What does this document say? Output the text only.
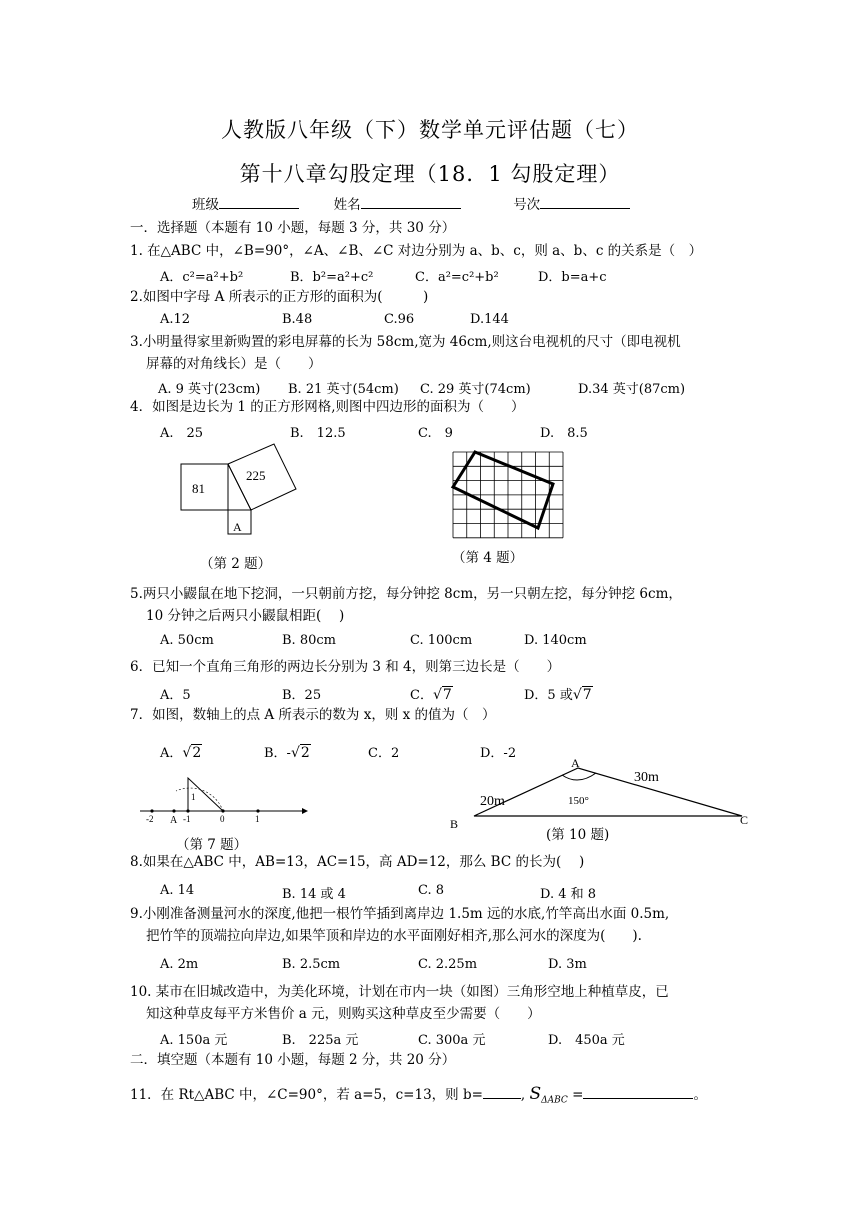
人教版八年级（下）数学单元评估题（七）
第十八章勾股定理（18．1 勾股定理）
班级	姓名	号次
一．选择题（本题有 10 小题，每题 3 分，共 30 分）
1. 在△ABC 中，∠B=90°，∠A、∠B、∠C 对边分别为 a、b、c，则 a、b、c 的关系是（　）
A．c²=a²+b²	B．b²=a²+c²	C．a²=c²+b²	D．b=a+c
2.如图中字母 A 所表示的正方形的面积为(　　　)
A.12	B.48	C.96	D.144
3.小明量得家里新购置的彩电屏幕的长为 58cm,宽为 46cm,则这台电视机的尺寸（即电视机
屏幕的对角线长）是（　　）
A. 9 英寸(23cm) B. 21 英寸(54cm) C. 29 英寸(74cm)	D.34 英寸(87cm)
4．如图是边长为 1 的正方形网格,则图中四边形的面积为（　　）
A.　25	B.　12.5	C.　9	D.　8.5
81
225
A
（第 2 题）	（第 4 题）
5.两只小鼹鼠在地下挖洞，一只朝前方挖，每分钟挖 8cm，另一只朝左挖，每分钟挖 6cm，
10 分钟之后两只小鼹鼠相距(　 )
A. 50cm	B. 80cm	C. 100cm	D. 140cm
6．已知一个直角三角形的两边长分别为 3 和 4，则第三边长是（　　）
A．5	B．25	C．√7	D．5 或√7
7．如图，数轴上的点 A 所表示的数为 x，则 x 的值为（　）
A．√2	B．-√2	C．2	D．-2
1
-2 A -1	0	1
（第 7 题）
A
B	C
20m
30m
150°
(第 10 题)
8.如果在△ABC 中，AB=13，AC=15，高 AD=12，那么 BC 的长为(　 )
A. 14	B. 14 或 4	C. 8	D. 4 和 8
9.小刚准备测量河水的深度,他把一根竹竿插到离岸边 1.5m 远的水底,竹竿高出水面 0.5m,
把竹竿的顶端拉向岸边,如果竿顶和岸边的水平面刚好相齐,那么河水的深度为(　　).
A. 2m	B. 2.5cm	C. 2.25m	D. 3m
10. 某市在旧城改造中，为美化环境，计划在市内一块（如图）三角形空地上种植草皮，已
知这种草皮每平方米售价 a 元，则购买这种草皮至少需要（　　）
A. 150a 元	B.　225a 元	C. 300a 元	D.　450a 元
二．填空题（本题有 10 小题，每题 2 分，共 20 分）
11．在 Rt△ABC 中，∠C=90°，若 a=5，c=13，则 b=	, $S_{\Delta ABC}$ =	。
